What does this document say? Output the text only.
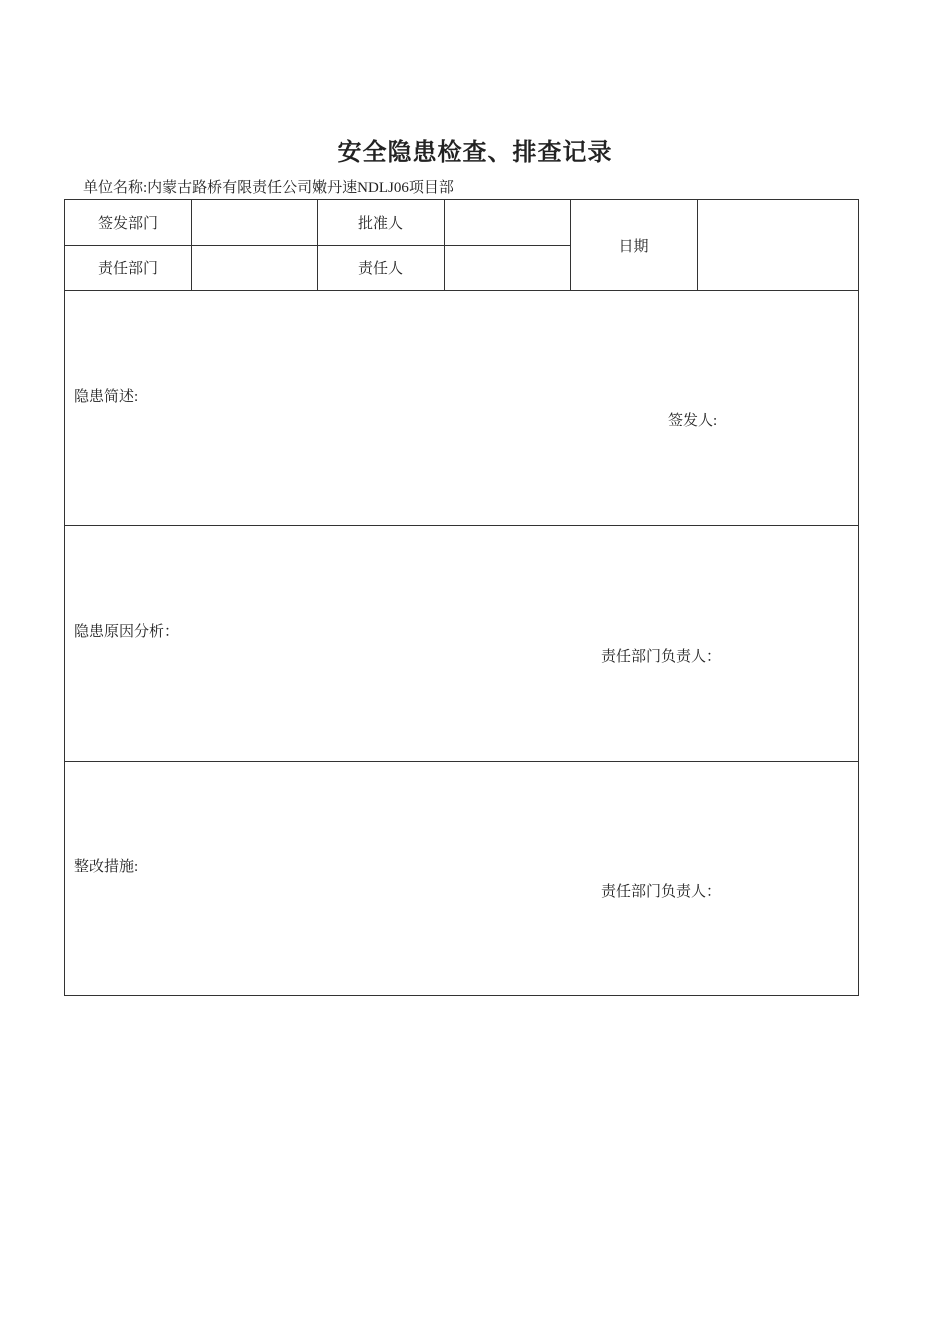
安全隐患检查、排查记录
单位名称:内蒙古路桥有限责任公司嫩丹速NDLJ06项目部
签发部门	批准人
日期
责任部门	责任人
隐患简述:
签发人:
隐患原因分析：
责任部门负责人：
整改措施:
责任部门负责人：
